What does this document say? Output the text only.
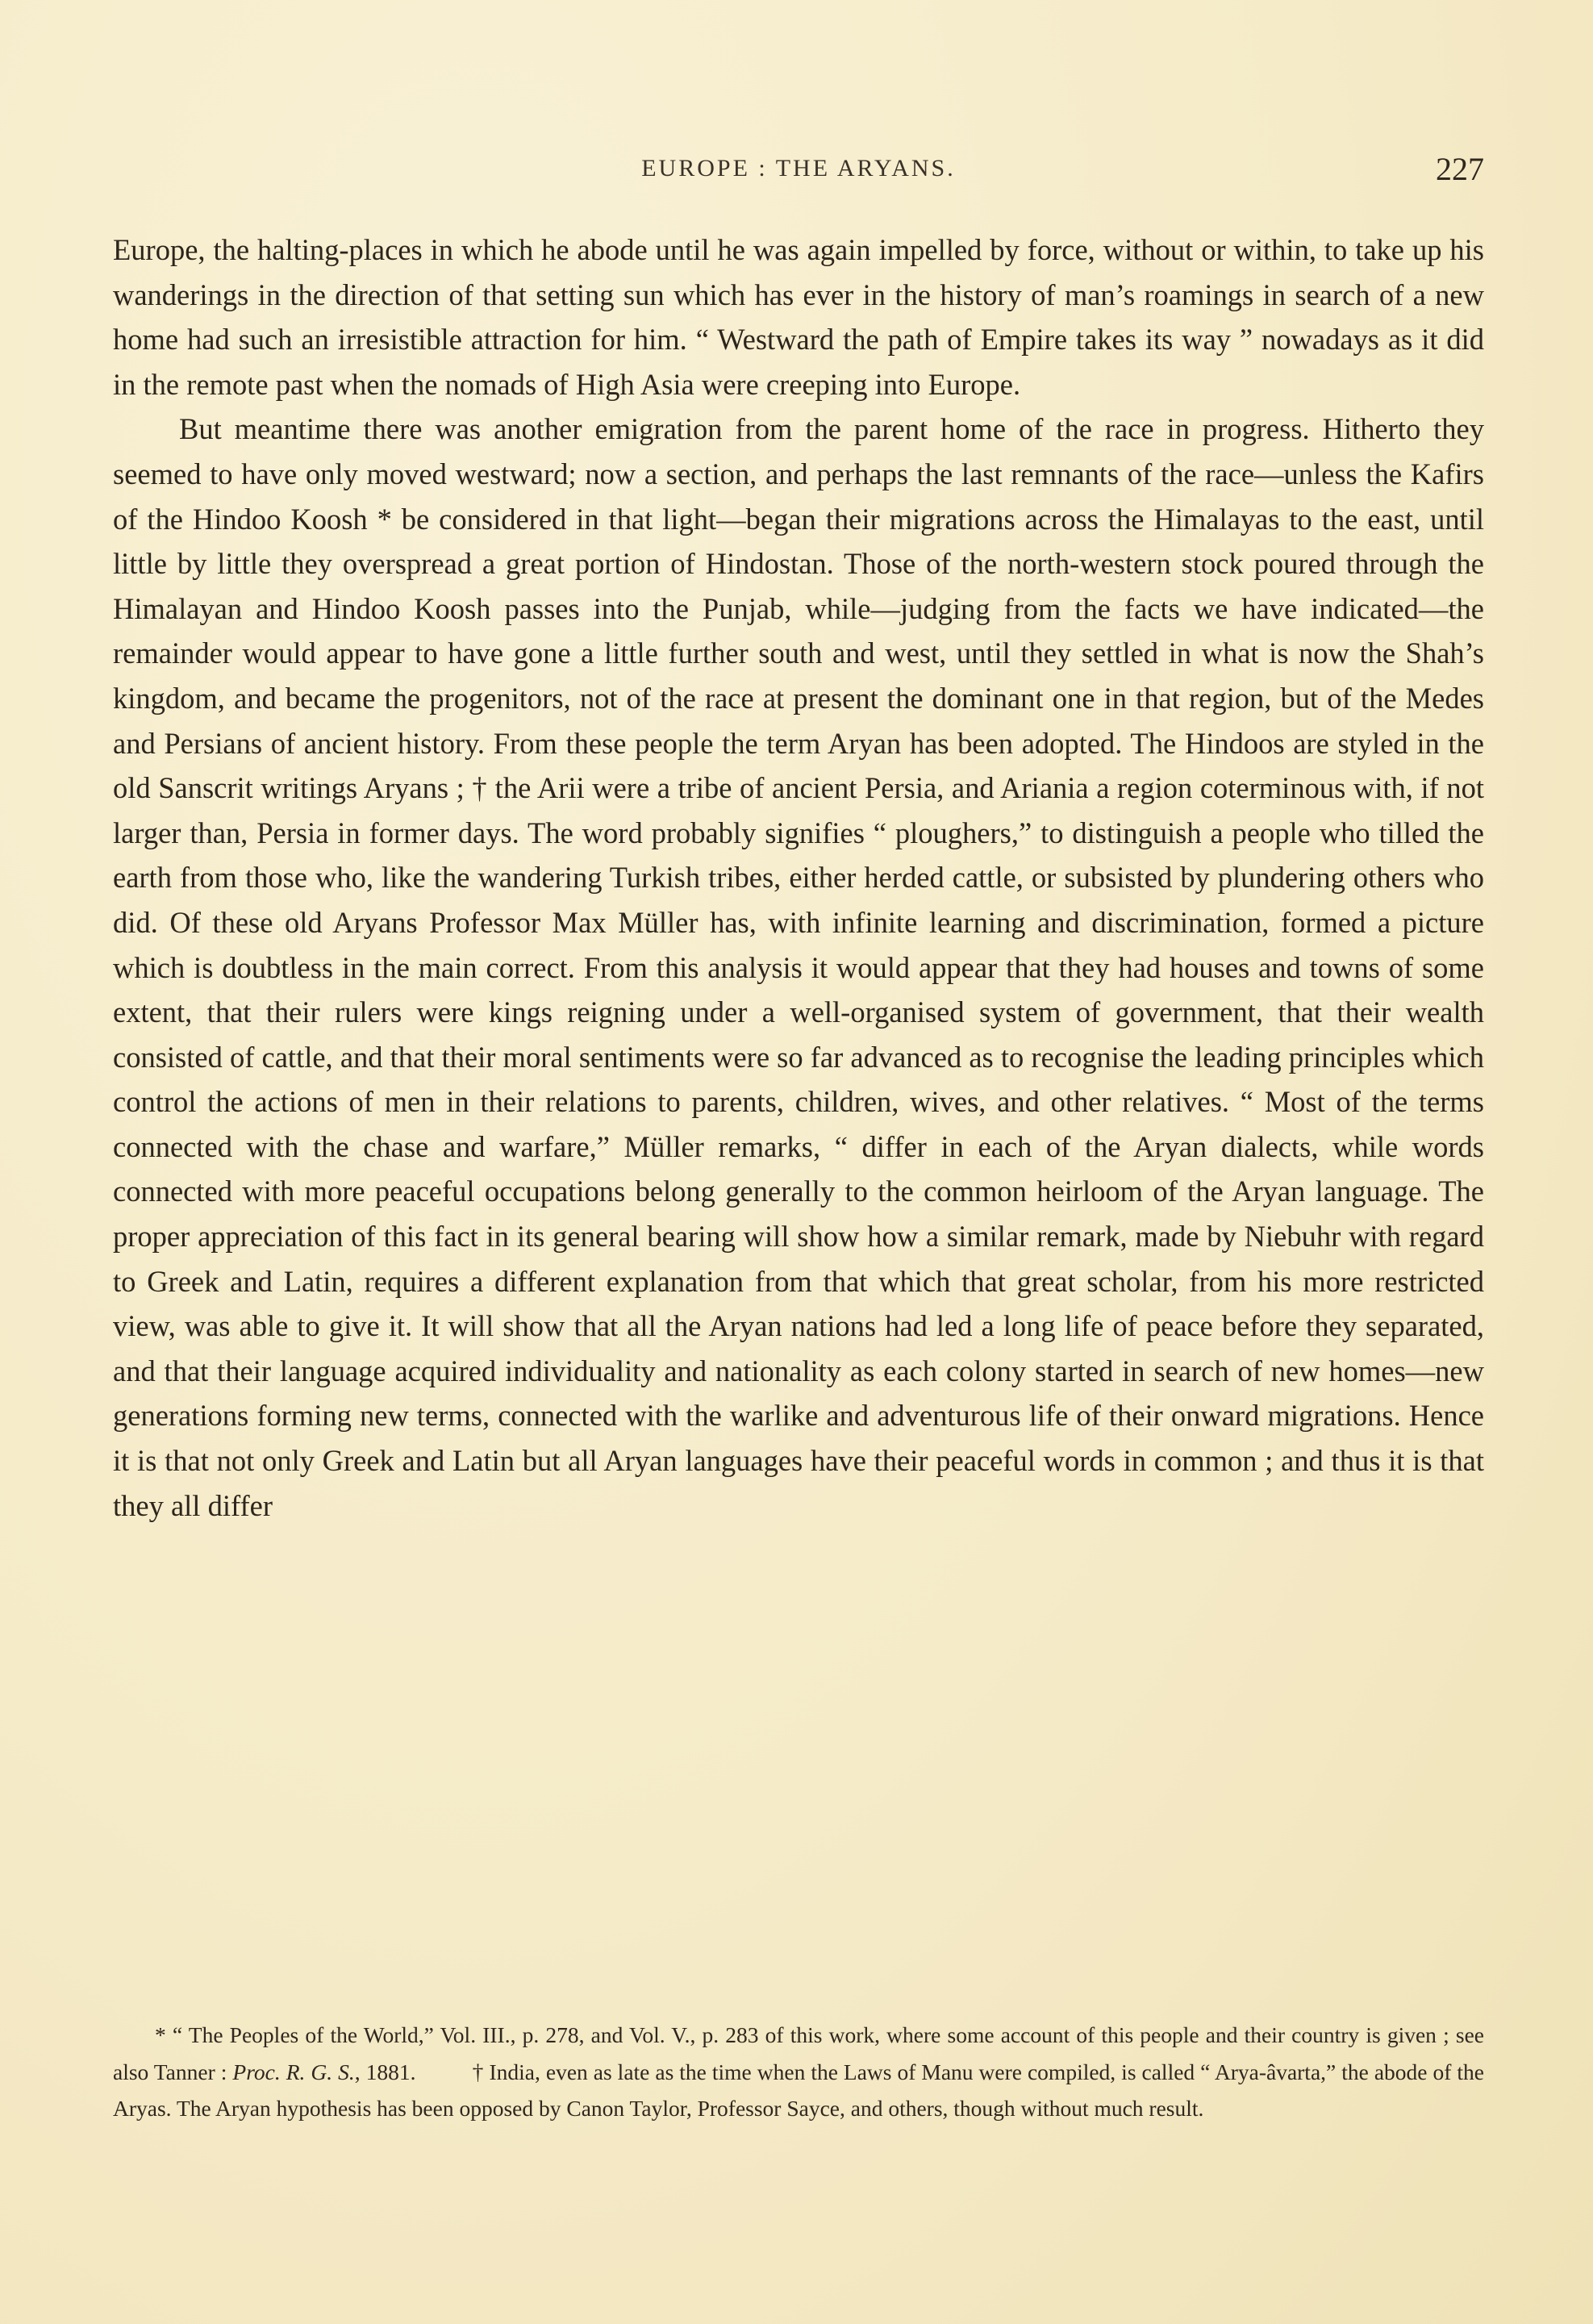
EUROPE : THE ARYANS.	227

Europe, the halting-places in which he abode until he was again impelled by force, without or within, to take up his wanderings in the direction of that setting sun which has ever in the history of man’s roamings in search of a new home had such an irresistible attraction for him. “ Westward the path of Empire takes its way ” nowadays as it did in the remote past when the nomads of High Asia were creeping into Europe.

But meantime there was another emigration from the parent home of the race in progress. Hitherto they seemed to have only moved westward; now a section, and perhaps the last remnants of the race—unless the Kafirs of the Hindoo Koosh * be considered in that light—began their migrations across the Himalayas to the east, until little by little they overspread a great portion of Hindostan. Those of the north-western stock poured through the Himalayan and Hindoo Koosh passes into the Punjab, while—judging from the facts we have indicated—the remainder would appear to have gone a little further south and west, until they settled in what is now the Shah’s kingdom, and became the progenitors, not of the race at present the dominant one in that region, but of the Medes and Persians of ancient history. From these people the term Aryan has been adopted. The Hindoos are styled in the old Sanscrit writings Aryans ; † the Arii were a tribe of ancient Persia, and Ariania a region coterminous with, if not larger than, Persia in former days. The word probably signifies “ ploughers,” to distinguish a people who tilled the earth from those who, like the wandering Turkish tribes, either herded cattle, or subsisted by plundering others who did. Of these old Aryans Professor Max Müller has, with infinite learning and discrimination, formed a picture which is doubtless in the main correct. From this analysis it would appear that they had houses and towns of some extent, that their rulers were kings reigning under a well-organised system of government, that their wealth consisted of cattle, and that their moral sentiments were so far advanced as to recognise the leading principles which control the actions of men in their relations to parents, children, wives, and other relatives. “ Most of the terms connected with the chase and warfare,” Müller remarks, “ differ in each of the Aryan dialects, while words connected with more peaceful occupations belong generally to the common heirloom of the Aryan language. The proper appreciation of this fact in its general bearing will show how a similar remark, made by Niebuhr with regard to Greek and Latin, requires a different explanation from that which that great scholar, from his more restricted view, was able to give it. It will show that all the Aryan nations had led a long life of peace before they separated, and that their language acquired individuality and nationality as each colony started in search of new homes—new generations forming new terms, connected with the warlike and adventurous life of their onward migrations. Hence it is that not only Greek and Latin but all Aryan languages have their peaceful words in common ; and thus it is that they all differ

* “ The Peoples of the World,” Vol. III., p. 278, and Vol. V., p. 283 of this work, where some account of this people and their country is given ; see also Tanner : Proc. R. G. S., 1881.	† India, even as late as the time when the Laws of Manu were compiled, is called “ Arya-âvarta,” the abode of the Aryas. The Aryan hypothesis has been opposed by Canon Taylor, Professor Sayce, and others, though without much result.
